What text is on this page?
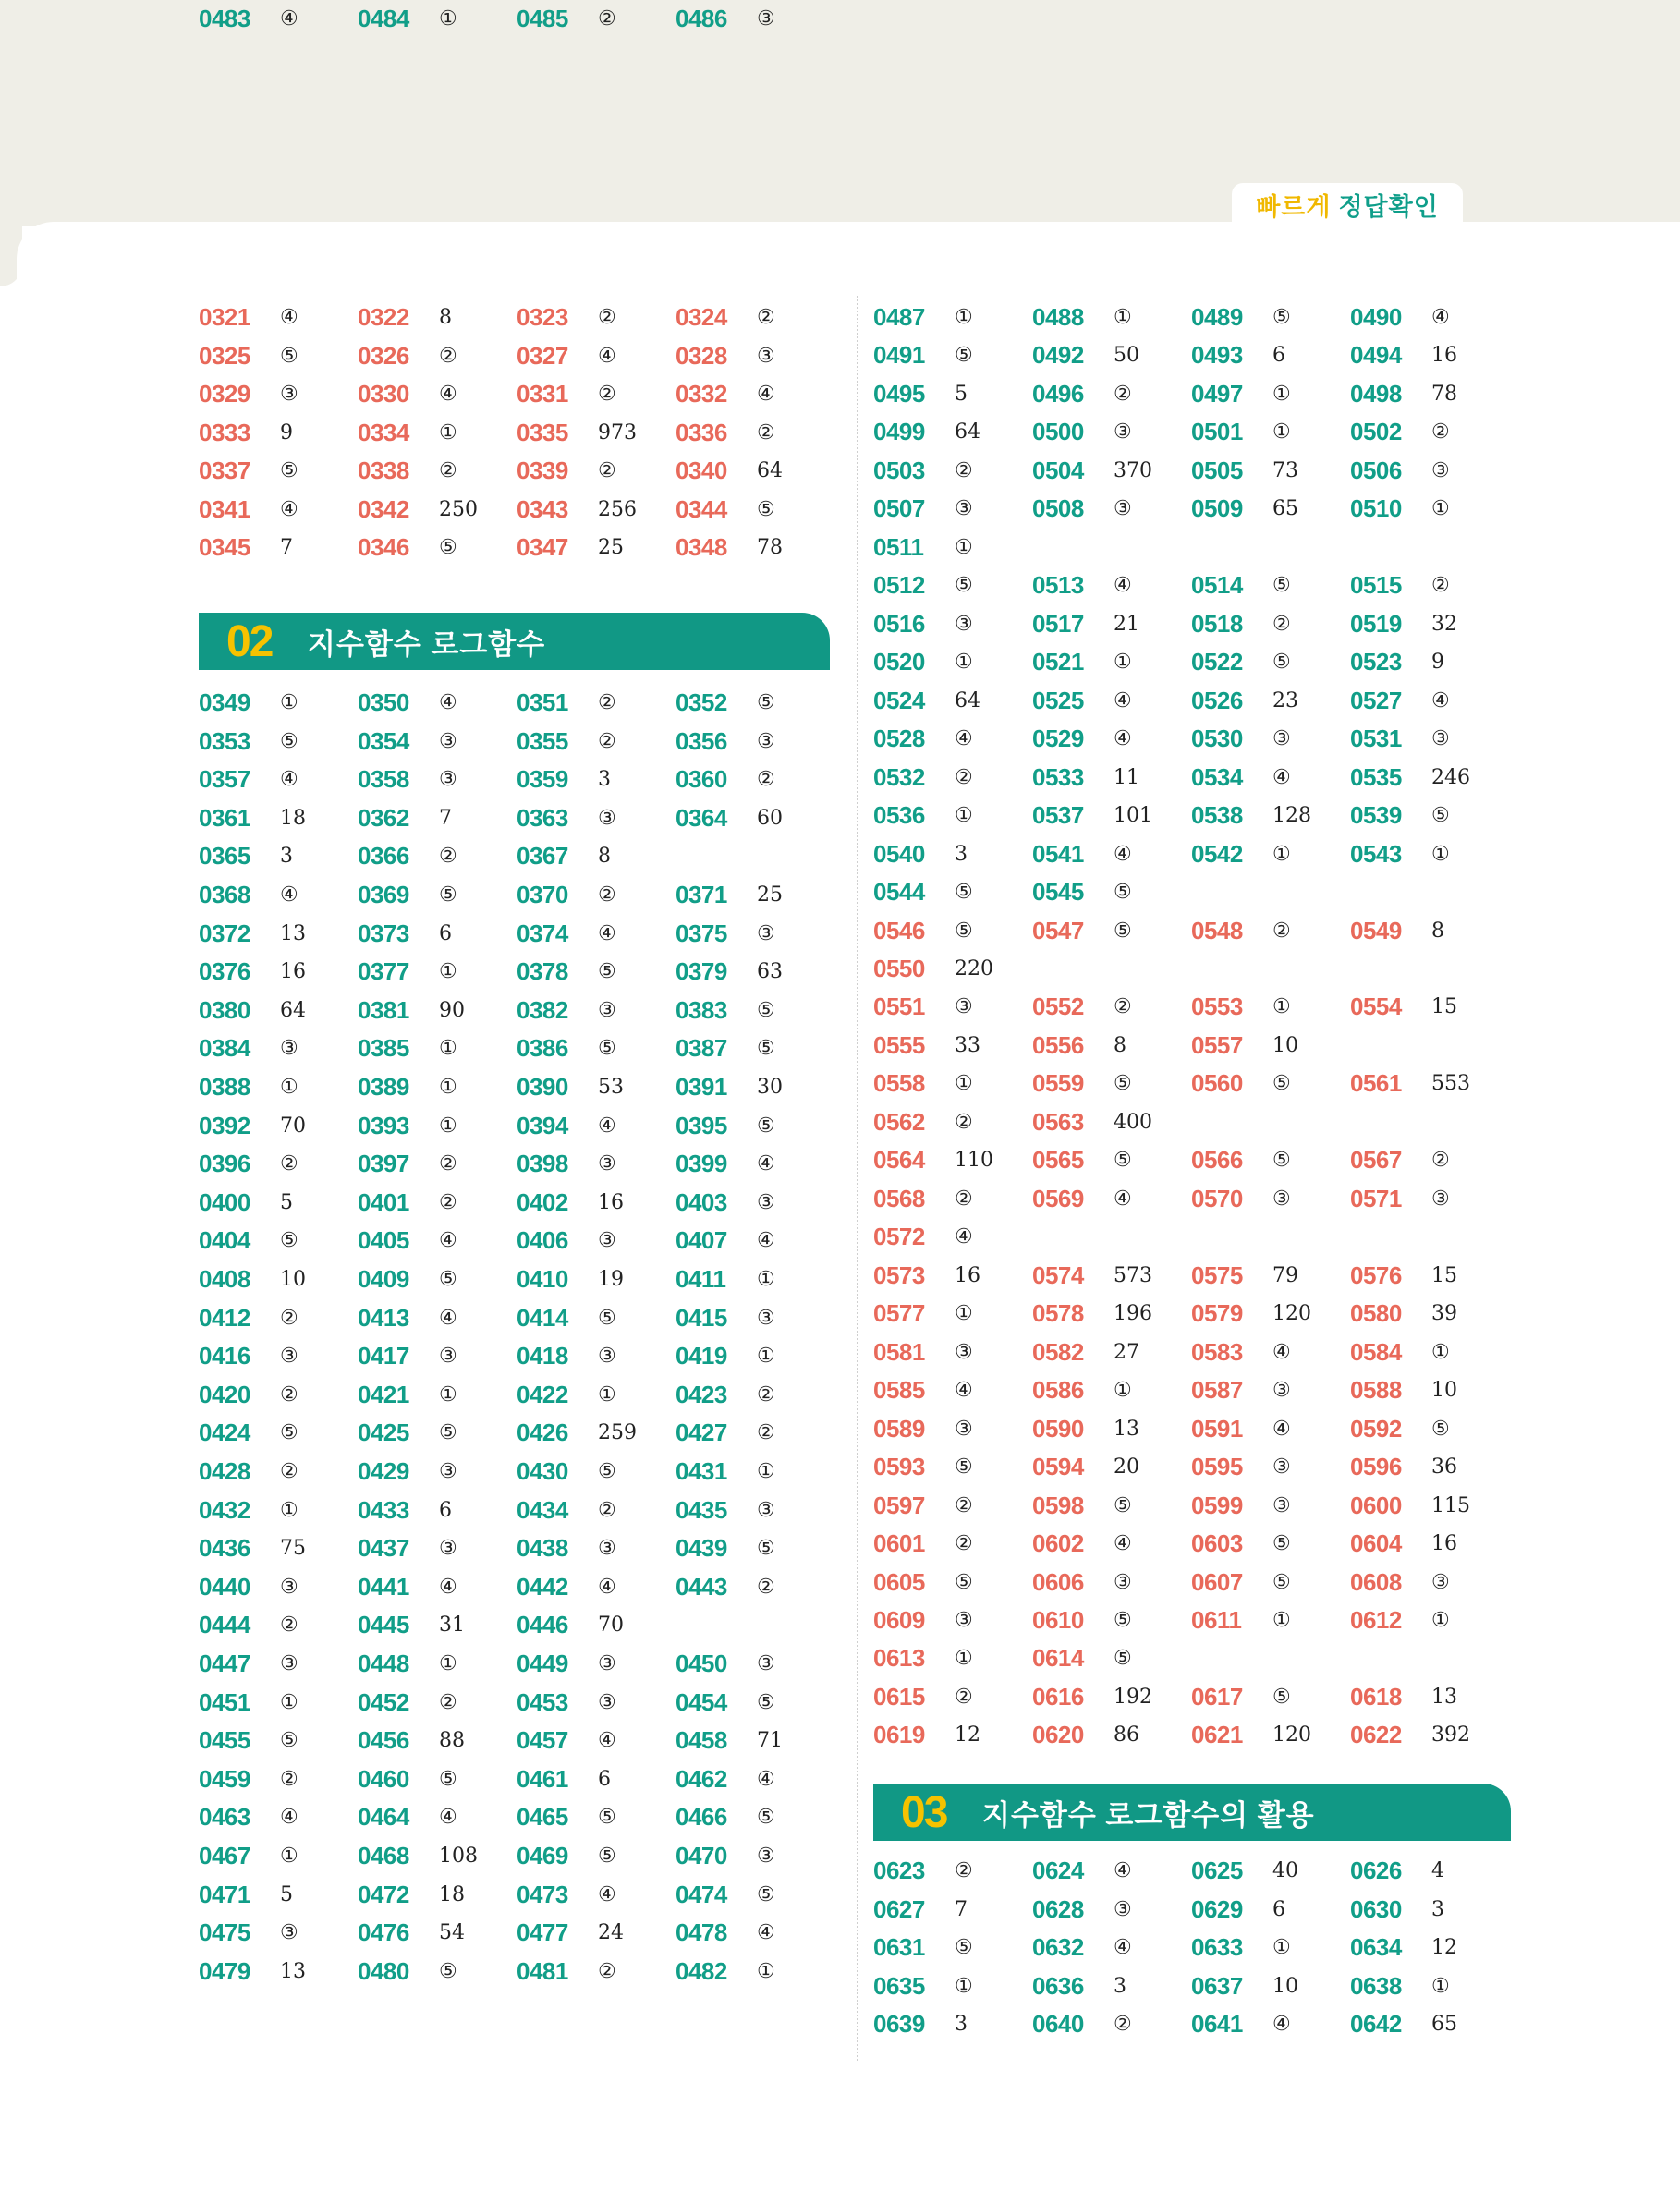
빠르게 정답확인
0321 ④ 0322 8	0323 ② 0324 ②
0325 ⑤ 0326 ② 0327 ④ 0328 ③
0329 ③ 0330 ④ 0331 ② 0332 ④
0333 9	0334 ① 0335 973 0336 ②
0337 ⑤ 0338 ② 0339 ② 0340 64
0341 ④ 0342 250 0343 256 0344 ⑤
0345 7	0346 ⑤ 0347 25 0348 78
0349 ① 0350 ④ 0351 ② 0352 ⑤
0353 ⑤ 0354 ③ 0355 ② 0356 ③
0357 ④ 0358 ③ 0359 3	0360 ②
0361 18 0362 7	0363 ③ 0364 60
0365 3	0366 ② 0367 8
0368 ④ 0369 ⑤ 0370 ② 0371 25
0372 13 0373 6	0374 ④ 0375 ③
0376 16 0377 ① 0378 ⑤ 0379 63
0380 64 0381 90 0382 ③ 0383 ⑤
0384 ③ 0385 ① 0386 ⑤ 0387 ⑤
0388 ① 0389 ① 0390 53 0391 30
0392 70 0393 ① 0394 ④ 0395 ⑤
0396 ② 0397 ② 0398 ③ 0399 ④
0400 5	0401 ② 0402 16 0403 ③
0404 ⑤ 0405 ④ 0406 ③ 0407 ④
0408 10 0409 ⑤ 0410 19 0411 ①
0412 ② 0413 ④ 0414 ⑤ 0415 ③
0416 ③ 0417 ③ 0418 ③ 0419 ①
0420 ② 0421 ① 0422 ① 0423 ②
0424 ⑤ 0425 ⑤ 0426 259 0427 ②
0428 ② 0429 ③ 0430 ⑤ 0431 ①
0432 ① 0433 6	0434 ② 0435 ③
0436 75 0437 ③ 0438 ③ 0439 ⑤
0440 ③ 0441 ④ 0442 ④ 0443 ②
0444 ② 0445 31 0446 70
0447 ③ 0448 ① 0449 ③ 0450 ③
0451 ① 0452 ② 0453 ③ 0454 ⑤
0455 ⑤ 0456 88 0457 ④ 0458 71
0459 ② 0460 ⑤ 0461 6	0462 ④
0463 ④ 0464 ④ 0465 ⑤ 0466 ⑤
0467 ① 0468 108 0469 ⑤ 0470 ③
0471 5	0472 18 0473 ④ 0474 ⑤
0475 ③ 0476 54 0477 24 0478 ④
0479 13 0480 ⑤ 0481 ② 0482 ①
0483 ④ 0484 ① 0485 ② 0486 ③
0487 ① 0488 ① 0489 ⑤ 0490 ④
0491 ⑤ 0492 50 0493 6	0494 16
0495 5	0496 ② 0497 ① 0498 78
0499 64 0500 ③ 0501 ① 0502 ②
0503 ② 0504 370 0505 73 0506 ③
0507 ③ 0508 ③ 0509 65 0510 ①
0511 ①
0512 ⑤ 0513 ④ 0514 ⑤ 0515 ②
0516 ③ 0517 21 0518 ② 0519 32
0520 ① 0521 ① 0522 ⑤ 0523 9
0524 64 0525 ④ 0526 23 0527 ④
0528 ④ 0529 ④ 0530 ③ 0531 ③
0532 ② 0533 11 0534 ④ 0535 246
0536 ① 0537 101 0538 128 0539 ⑤
0540 3	0541 ④ 0542 ① 0543 ①
0544 ⑤ 0545 ⑤
0546 ⑤ 0547 ⑤ 0548 ② 0549 8
0550 220
0551 ③ 0552 ② 0553 ① 0554 15
0555 33 0556 8	0557 10
0558 ① 0559 ⑤ 0560 ⑤ 0561 553
0562 ② 0563 400
0564 110 0565 ⑤ 0566 ⑤ 0567 ②
0568 ② 0569 ④ 0570 ③ 0571 ③
0572 ④
0573 16 0574 573 0575 79 0576 15
0577 ① 0578 196 0579 120 0580 39
0581 ③ 0582 27 0583 ④ 0584 ①
0585 ④ 0586 ① 0587 ③ 0588 10
0589 ③ 0590 13 0591 ④ 0592 ⑤
0593 ⑤ 0594 20 0595 ③ 0596 36
0597 ② 0598 ⑤ 0599 ③ 0600 115
0601 ② 0602 ④ 0603 ⑤ 0604 16
0605 ⑤ 0606 ③ 0607 ⑤ 0608 ③
0609 ③ 0610 ⑤ 0611 ① 0612 ①
0613 ① 0614 ⑤
0615 ② 0616 192 0617 ⑤ 0618 13
0619 12 0620 86 0621 120 0622 392
0623 ② 0624 ④ 0625 40 0626 4
0627 7	0628 ③ 0629 6	0630 3
0631 ⑤ 0632 ④ 0633 ① 0634 12
0635 ① 0636 3	0637 10 0638 ①
0639 3	0640 ② 0641 ④ 0642 65
02	지수함수 로그함수
03	지수함수 로그함수의 활용
